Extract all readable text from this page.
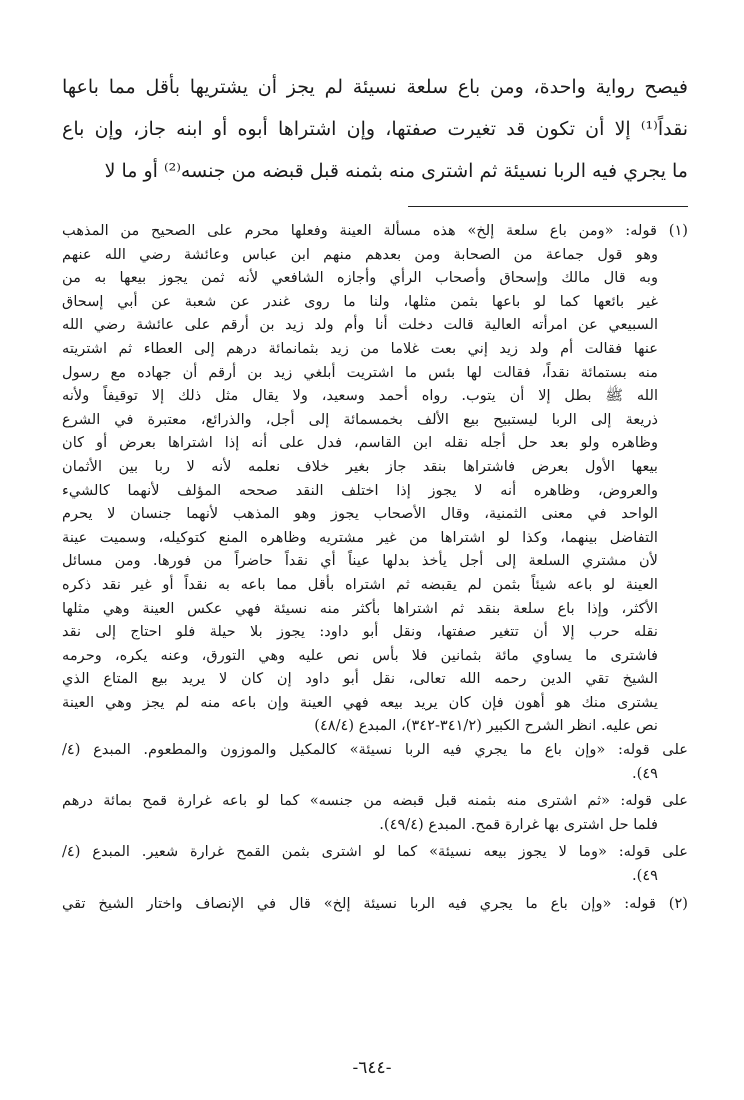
فيصح رواية واحدة، ومن باع سلعة نسيئة لم يجز أن يشتريها بأقل مما باعها

نقداً⁽¹⁾ إلا أن تكون قد تغيرت صفتها، وإن اشتراها أبوه أو ابنه جاز، وإن باع

ما يجري فيه الربا نسيئة ثم اشترى منه بثمنه قبل قبضه من جنسه⁽²⁾ أو ما لا

(١) قوله: «ومن باع سلعة إلخ» هذه مسألة العينة وفعلها محرم على الصحيح من المذهب

وهو قول جماعة من الصحابة ومن بعدهم منهم ابن عباس وعائشة رضي الله عنهم

وبه قال مالك وإسحاق وأصحاب الرأي وأجازه الشافعي لأنه ثمن يجوز بيعها به من

غير بائعها كما لو باعها بثمن مثلها، ولنا ما روى غندر عن شعبة عن أبي إسحاق

السبيعي عن امرأته العالية قالت دخلت أنا وأم ولد زيد بن أرقم على عائشة رضي الله

عنها فقالت أم ولد زيد إني بعت غلاما من زيد بثمانمائة درهم إلى العطاء ثم اشتريته

منه بستمائة نقداً، فقالت لها بئس ما اشتريت أبلغي زيد بن أرقم أن جهاده مع رسول

الله ﷺ بطل إلا أن يتوب. رواه أحمد وسعيد، ولا يقال مثل ذلك إلا توقيفاً ولأنه

ذريعة إلى الربا ليستبيح بيع الألف بخمسمائة إلى أجل، والذرائع، معتبرة في الشرع

وظاهره ولو بعد حل أجله نقله ابن القاسم، فدل على أنه إذا اشتراها بعرض أو كان

بيعها الأول بعرض فاشتراها بنقد جاز بغير خلاف نعلمه لأنه لا ربا بين الأثمان

والعروض، وظاهره أنه لا يجوز إذا اختلف النقد صححه المؤلف لأنهما كالشيء

الواحد في معنى الثمنية، وقال الأصحاب يجوز وهو المذهب لأنهما جنسان لا يحرم

التفاضل بينهما، وكذا لو اشتراها من غير مشتريه وظاهره المنع كتوكيله، وسميت عينة

لأن مشتري السلعة إلى أجل يأخذ بدلها عيناً أي نقداً حاضراً من فورها. ومن مسائل

العينة لو باعه شيئاً بثمن لم يقبضه ثم اشتراه بأقل مما باعه به نقداً أو غير نقد ذكره

الأكثر، وإذا باع سلعة بنقد ثم اشتراها بأكثر منه نسيئة فهي عكس العينة وهي مثلها

نقله حرب إلا أن تتغير صفتها، ونقل أبو داود: يجوز بلا حيلة فلو احتاج إلى نقد

فاشترى ما يساوي مائة بثمانين فلا بأس نص عليه وهي التورق، وعنه يكره، وحرمه

الشيخ تقي الدين رحمه الله تعالى، نقل أبو داود إن كان لا يريد بيع المتاع الذي

يشترى منك هو أهون فإن كان يريد بيعه فهي العينة وإن باعه منه لم يجز وهي العينة

نص عليه. انظر الشرح الكبير (٣٤١/٢-٣٤٢)، المبدع (٤٨/٤)

على قوله: «وإن باع ما يجري فيه الربا نسيئة» كالمكيل والموزون والمطعوم. المبدع (٤/

٤٩).

على قوله: «ثم اشترى منه بثمنه قبل قبضه من جنسه» كما لو باعه غرارة قمح بمائة درهم

فلما حل اشترى بها غرارة قمح. المبدع (٤٩/٤).

على قوله: «وما لا يجوز بيعه نسيئة» كما لو اشترى بثمن القمح غرارة شعير. المبدع (٤/

٤٩).

(٢) قوله: «وإن باع ما يجري فيه الربا نسيئة إلخ» قال في الإنصاف واختار الشيخ تقي

-٦٤٤-
